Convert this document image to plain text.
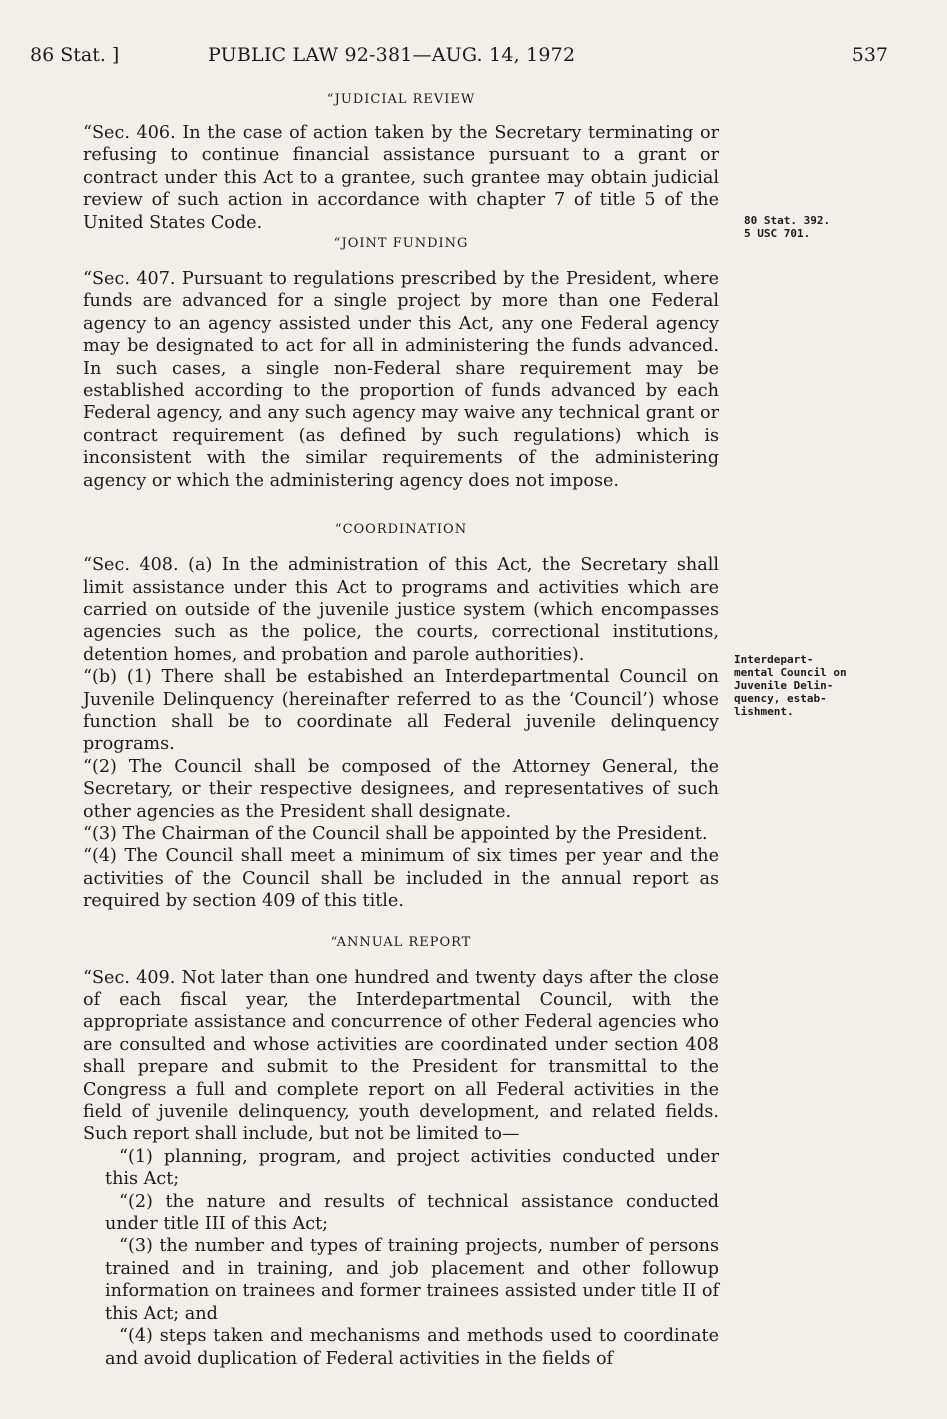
86 Stat. ]	PUBLIC LAW 92-381—AUG. 14, 1972	537
“JUDICIAL REVIEW

“Sec. 406. In the case of action taken by the Secretary terminating or refusing to continue financial assistance pursuant to a grant or contract under this Act to a grantee, such grantee may obtain judicial review of such action in accordance with chapter 7 of title 5 of the United States Code.

“JOINT FUNDING

“Sec. 407. Pursuant to regulations prescribed by the President, where funds are advanced for a single project by more than one Federal agency to an agency assisted under this Act, any one Federal agency may be designated to act for all in administering the funds advanced. In such cases, a single non-Federal share requirement may be established according to the proportion of funds advanced by each Federal agency, and any such agency may waive any technical grant or contract requirement (as defined by such regulations) which is inconsistent with the similar requirements of the administering agency or which the administering agency does not impose.

“COORDINATION

“Sec. 408. (a) In the administration of this Act, the Secretary shall limit assistance under this Act to programs and activities which are carried on outside of the juvenile justice system (which encompasses agencies such as the police, the courts, correctional institutions, detention homes, and probation and parole authorities).

“(b) (1) There shall be estabished an Interdepartmental Council on Juvenile Delinquency (hereinafter referred to as the ‘Council’) whose function shall be to coordinate all Federal juvenile delinquency programs.

“(2) The Council shall be composed of the Attorney General, the Secretary, or their respective designees, and representatives of such other agencies as the President shall designate.

“(3) The Chairman of the Council shall be appointed by the President.

“(4) The Council shall meet a minimum of six times per year and the activities of the Council shall be included in the annual report as required by section 409 of this title.

“ANNUAL REPORT

“Sec. 409. Not later than one hundred and twenty days after the close of each fiscal year, the Interdepartmental Council, with the appropriate assistance and concurrence of other Federal agencies who are consulted and whose activities are coordinated under section 408 shall prepare and submit to the President for transmittal to the Congress a full and complete report on all Federal activities in the field of juvenile delinquency, youth development, and related fields. Such report shall include, but not be limited to—

“(1) planning, program, and project activities conducted under this Act;

“(2) the nature and results of technical assistance conducted under title III of this Act;

“(3) the number and types of training projects, number of persons trained and in training, and job placement and other followup information on trainees and former trainees assisted under title II of this Act; and

“(4) steps taken and mechanisms and methods used to coordinate and avoid duplication of Federal activities in the fields of

80 Stat. 392.
5 USC 701.
Interdepart-
mental Council on
Juvenile Delin-
quency, estab-
lishment.
